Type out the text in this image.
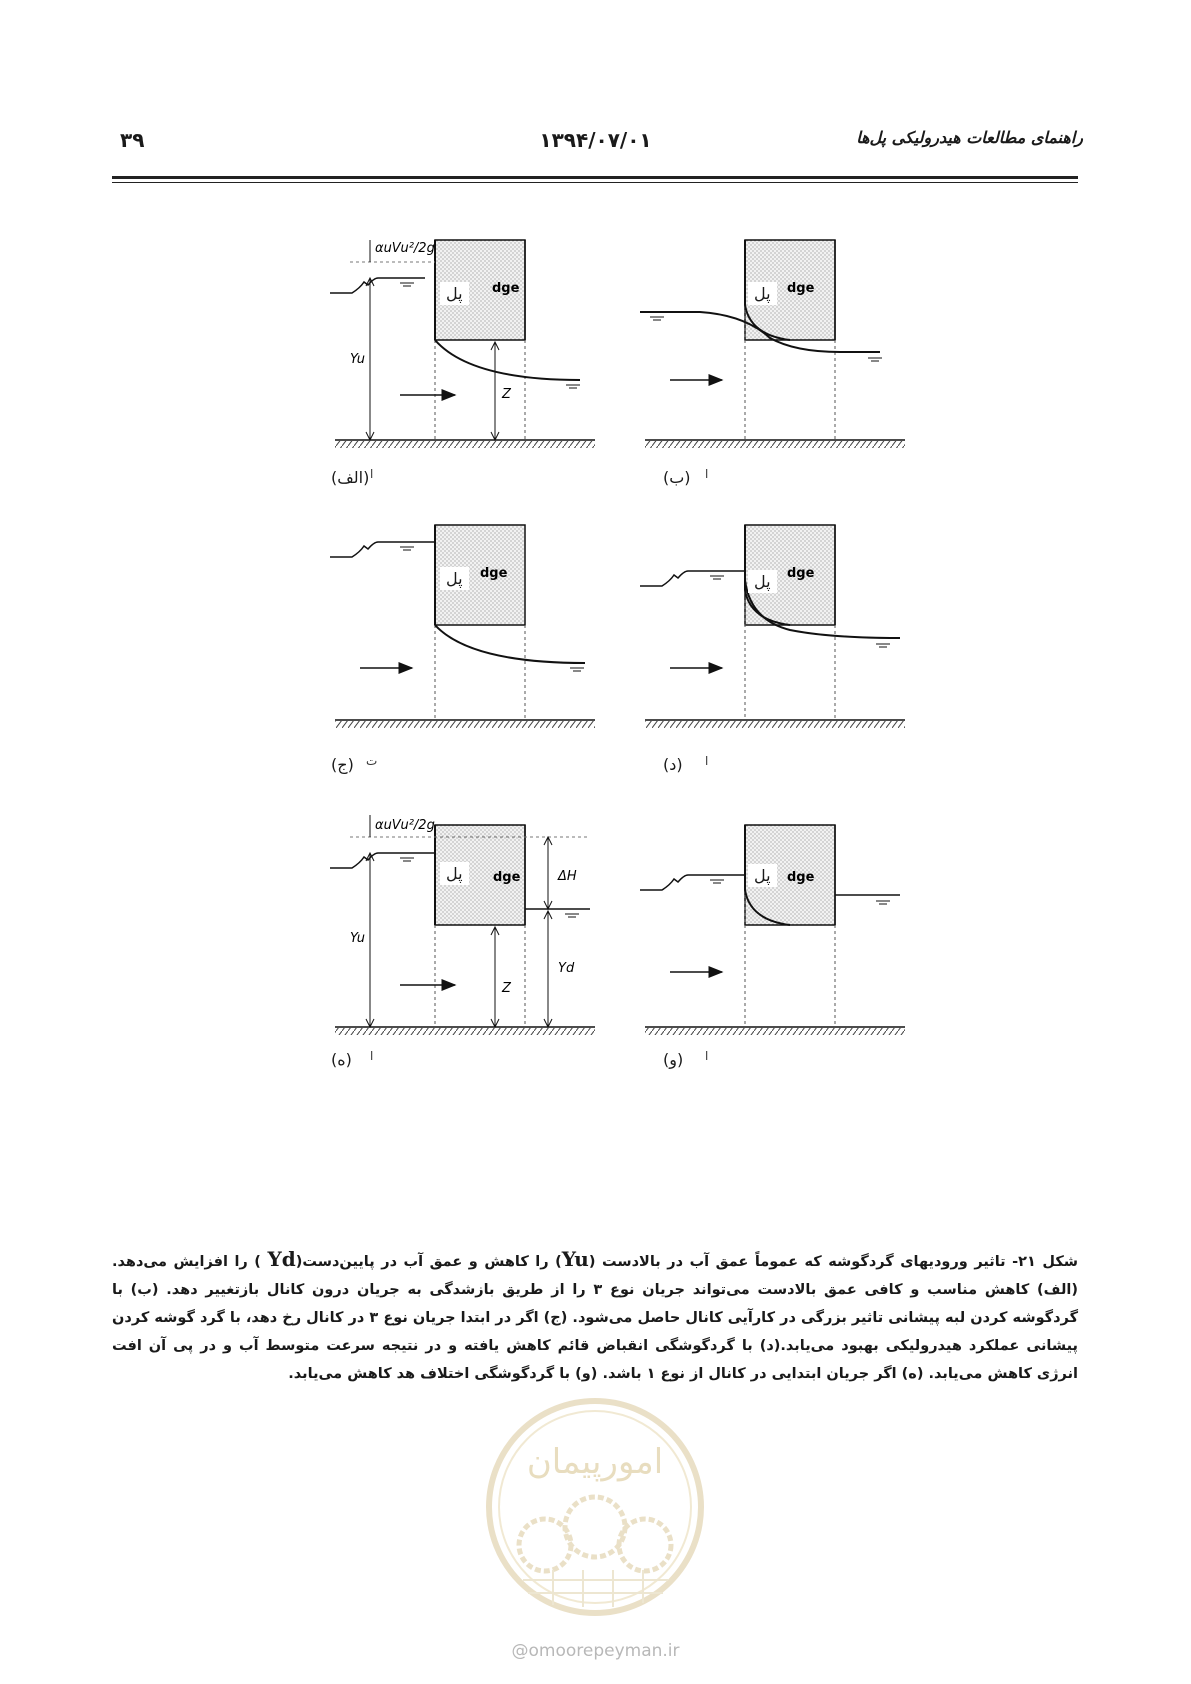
۳۹	۱۳۹۴/۰۷/۰۱	راهنمای مطالعات هیدرولیکی پل‌ها
αuVu²/2g
Yu
Z
dge
پل
(الف) ا
dge
پل
(ب) ا
dge
پل
(ج) ت
dge
پل
(د) ا
αuVu²/2g
Yu
Z
ΔH
Yd
dge
پل
(ه) ا
dge
پل
(و) ا
شکل ۲۱- تاثیر ورودیهای گردگوشه که عموماً عمق آب در بالادست (Yu) را کاهش و عمق آب در پایین‌دست(Yd ) را افزایش می‌دهد. (الف) کاهش مناسب و کافی عمق بالادست می‌تواند جریان نوع ۳ را از طریق بازشدگی به جریان درون کانال بازتغییر دهد. (ب) با گردگوشه کردن لبه پیشانی تاثیر بزرگی در کارآیی کانال حاصل می‌شود. (ج) اگر در ابتدا جریان نوع ۳ در کانال رخ دهد، با گرد گوشه کردن پیشانی عملکرد هیدرولیکی بهبود می‌یابد.(د) با گردگوشگی انقباض قائم کاهش یافته و در نتیجه سرعت متوسط آب و در پی آن افت انرژی کاهش می‌یابد. (ه) اگر جریان ابتدایی در کانال از نوع ۱ باشد. (و) با گردگوشگی اختلاف هد کاهش می‌یابد.
امورپیمان
@omoorepeyman.ir
